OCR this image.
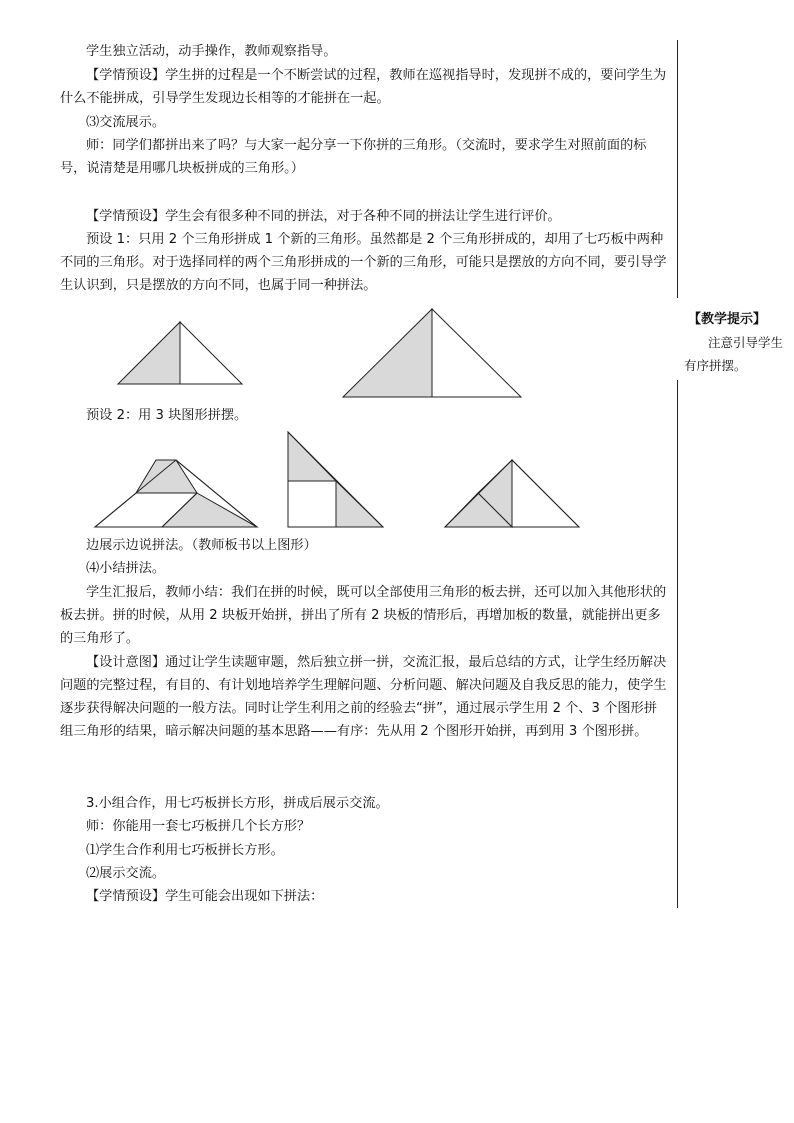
【教学提示】
注意引导学生有序拼摆。

学生独立活动，动手操作，教师观察指导。

【学情预设】学生拼的过程是一个不断尝试的过程，教师在巡视指导时，发现拼不成的，要问学生为什么不能拼成，引导学生发现边长相等的才能拼在一起。

⑶交流展示。

师：同学们都拼出来了吗？与大家一起分享一下你拼的三角形。（交流时，要求学生对照前面的标号，说清楚是用哪几块板拼成的三角形。）

【学情预设】学生会有很多种不同的拼法，对于各种不同的拼法让学生进行评价。

预设 1：只用 2 个三角形拼成 1 个新的三角形。虽然都是 2 个三角形拼成的，却用了七巧板中两种不同的三角形。对于选择同样的两个三角形拼成的一个新的三角形，可能只是摆放的方向不同，要引导学生认识到，只是摆放的方向不同，也属于同一种拼法。

预设 2：用 3 块图形拼摆。

边展示边说拼法。（教师板书以上图形）

⑷小结拼法。

学生汇报后，教师小结：我们在拼的时候，既可以全部使用三角形的板去拼，还可以加入其他形状的板去拼。拼的时候，从用 2 块板开始拼，拼出了所有 2 块板的情形后，再增加板的数量，就能拼出更多的三角形了。

【设计意图】通过让学生读题审题，然后独立拼一拼，交流汇报，最后总结的方式，让学生经历解决问题的完整过程，有目的、有计划地培养学生理解问题、分析问题、解决问题及自我反思的能力，使学生逐步获得解决问题的一般方法。同时让学生利用之前的经验去“拼”，通过展示学生用 2 个、3 个图形拼组三角形的结果，暗示解决问题的基本思路——有序：先从用 2 个图形开始拼，再到用 3 个图形拼。

3.小组合作，用七巧板拼长方形，拼成后展示交流。

师：你能用一套七巧板拼几个长方形？

⑴学生合作利用七巧板拼长方形。

⑵展示交流。

【学情预设】学生可能会出现如下拼法：
